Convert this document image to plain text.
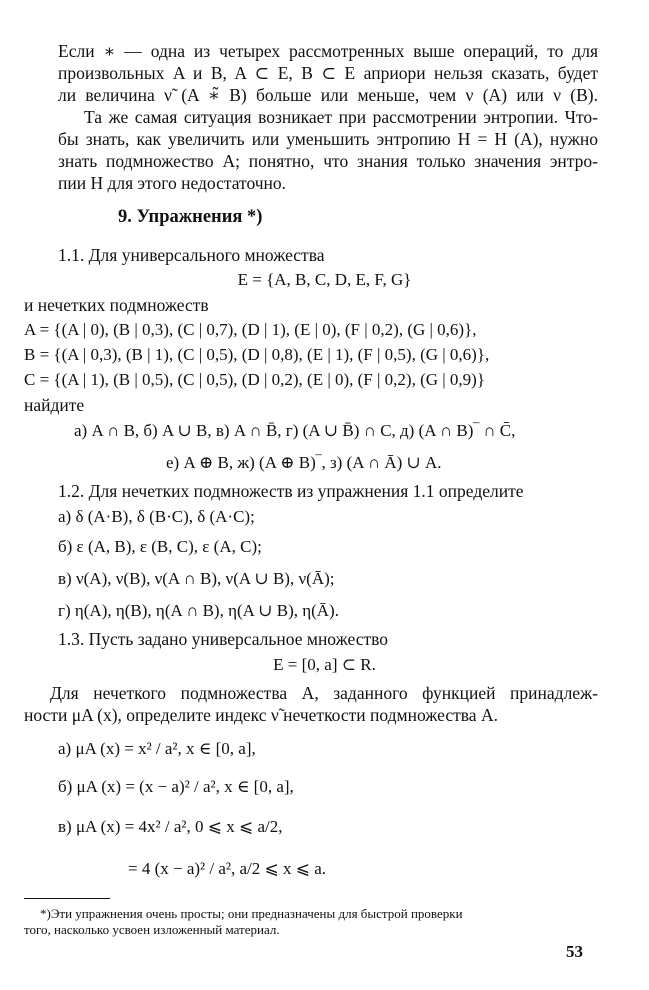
Если ∗ — одна из четырех рассмотренных выше операций, то для
произвольных A и B, A ⊂ E, B ⊂ E априори нельзя сказать, будет
ли величина ν̃ (A ∗̃ B) больше или меньше, чем ν (A) или ν (B).
Та же самая ситуация возникает при рассмотрении энтропии. Что-
бы знать, как увеличить или уменьшить энтропию H = H (A), нужно
знать подмножество A; понятно, что знания только значения энтро-
пии H для этого недостаточно.
9. Упражнения *)
1.1. Для универсального множества
E = {A, B, C, D, E, F, G}
и нечетких подмножеств
A = {(A | 0), (B | 0,3), (C | 0,7), (D | 1), (E | 0), (F | 0,2), (G | 0,6)},
B = {(A | 0,3), (B | 1), (C | 0,5), (D | 0,8), (E | 1), (F | 0,5), (G | 0,6)},
C = {(A | 1), (B | 0,5), (C | 0,5), (D | 0,2), (E | 0), (F | 0,2), (G | 0,9)}
найдите
а) A ∩ B, б) A ∪ B, в) A ∩ B̄, г) (A ∪ B̄) ∩ C, д) (A ∩ B)‾ ∩ C̄,
е) A ⊕ B, ж) (A ⊕ B)‾, з) (A ∩ Ā) ∪ A.
1.2. Для нечетких подмножеств из упражнения 1.1 определите
а) δ (A·B), δ (B·C), δ (A·C);
б) ε (A, B), ε (B, C), ε (A, C);
в) ν(A), ν(B), ν(A ∩ B), ν(A ∪ B), ν(Ā);
г) η(A), η(B), η(A ∩ B), η(A ∪ B), η(Ā).
1.3. Пусть задано универсальное множество
E = [0, a] ⊂ R.
Для нечеткого подмножества A, заданного функцией принадлеж-
ности μA (x), определите индекс ν̃ нечеткости подмножества A.
а) μA (x) = x² / a², x ∈ [0, a],
б) μA (x) = (x − a)² / a², x ∈ [0, a],
в) μA (x) = 4x² / a², 0 ⩽ x ⩽ a/2,
= 4 (x − a)² / a², a/2 ⩽ x ⩽ a.
*)Эти упражнения очень просты; они предназначены для быстрой проверки
того, насколько усвоен изложенный материал.
53
